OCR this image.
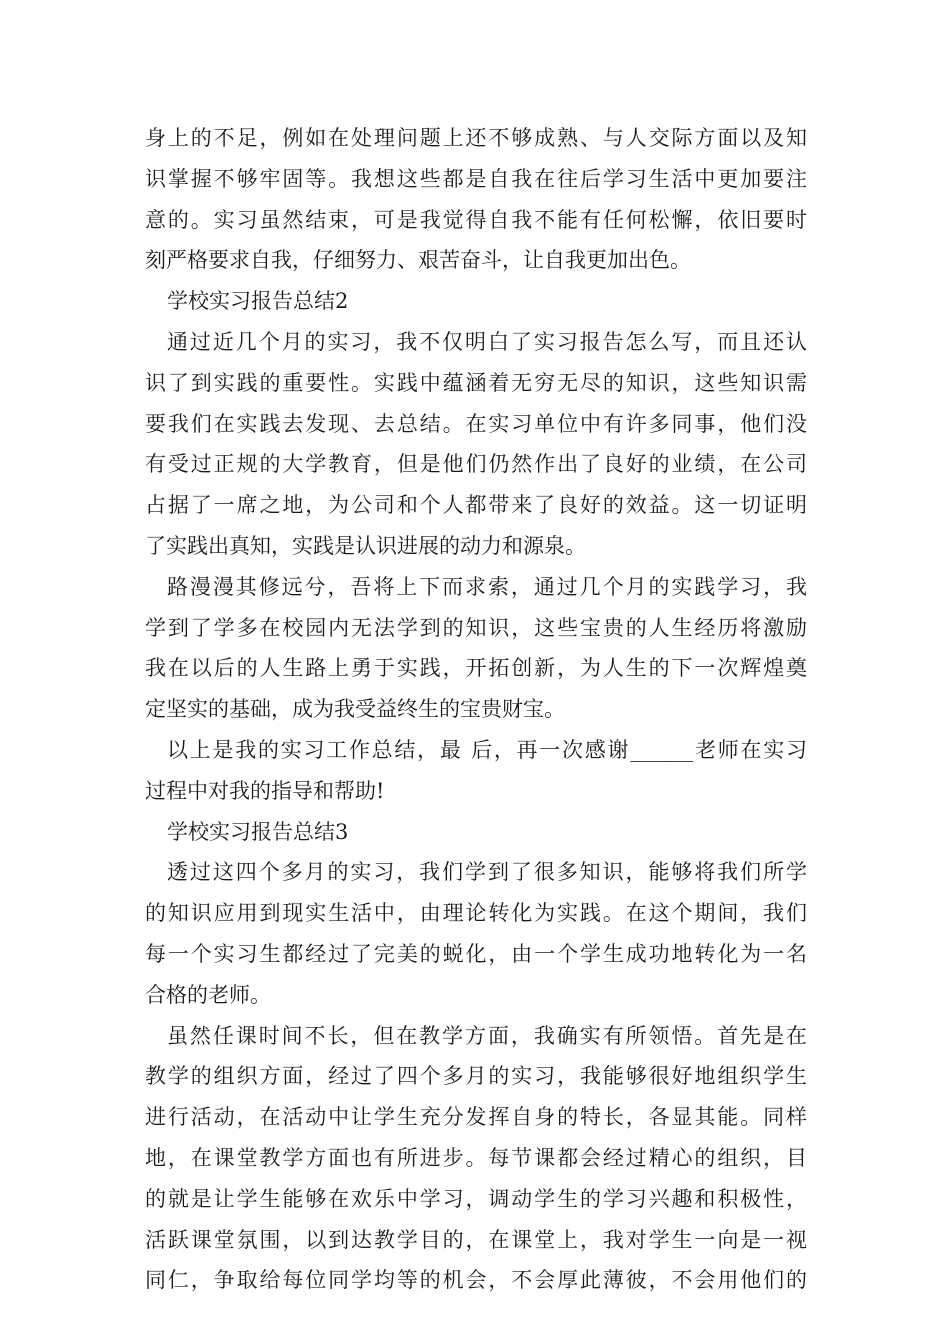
身上的不足，例如在处理问题上还不够成熟、与人交际方面以及知
识掌握不够牢固等。我想这些都是自我在往后学习生活中更加要注
意的。实习虽然结束，可是我觉得自我不能有任何松懈，依旧要时
刻严格要求自我，仔细努力、艰苦奋斗，让自我更加出色。
学校实习报告总结2
通过近几个月的实习，我不仅明白了实习报告怎么写，而且还认
识了到实践的重要性。实践中蕴涵着无穷无尽的知识，这些知识需
要我们在实践去发现、去总结。在实习单位中有许多同事，他们没
有受过正规的大学教育，但是他们仍然作出了良好的业绩，在公司
占据了一席之地，为公司和个人都带来了良好的效益。这一切证明
了实践出真知，实践是认识进展的动力和源泉。
路漫漫其修远兮，吾将上下而求索，通过几个月的实践学习，我
学到了学多在校园内无法学到的知识，这些宝贵的人生经历将激励
我在以后的人生路上勇于实践，开拓创新，为人生的下一次辉煌奠
定坚实的基础，成为我受益终生的宝贵财宝。
以上是我的实习工作总结，最 后，再一次感谢______老师在实习
过程中对我的指导和帮助!
学校实习报告总结3
透过这四个多月的实习，我们学到了很多知识，能够将我们所学
的知识应用到现实生活中，由理论转化为实践。在这个期间，我们
每一个实习生都经过了完美的蜕化，由一个学生成功地转化为一名
合格的老师。
虽然任课时间不长，但在教学方面，我确实有所领悟。首先是在
教学的组织方面，经过了四个多月的实习，我能够很好地组织学生
进行活动，在活动中让学生充分发挥自身的特长，各显其能。同样
地，在课堂教学方面也有所进步。每节课都会经过精心的组织，目
的就是让学生能够在欢乐中学习，调动学生的学习兴趣和积极性，
活跃课堂氛围，以到达教学目的，在课堂上，我对学生一向是一视
同仁，争取给每位同学均等的机会，不会厚此薄彼，不会用他们的
